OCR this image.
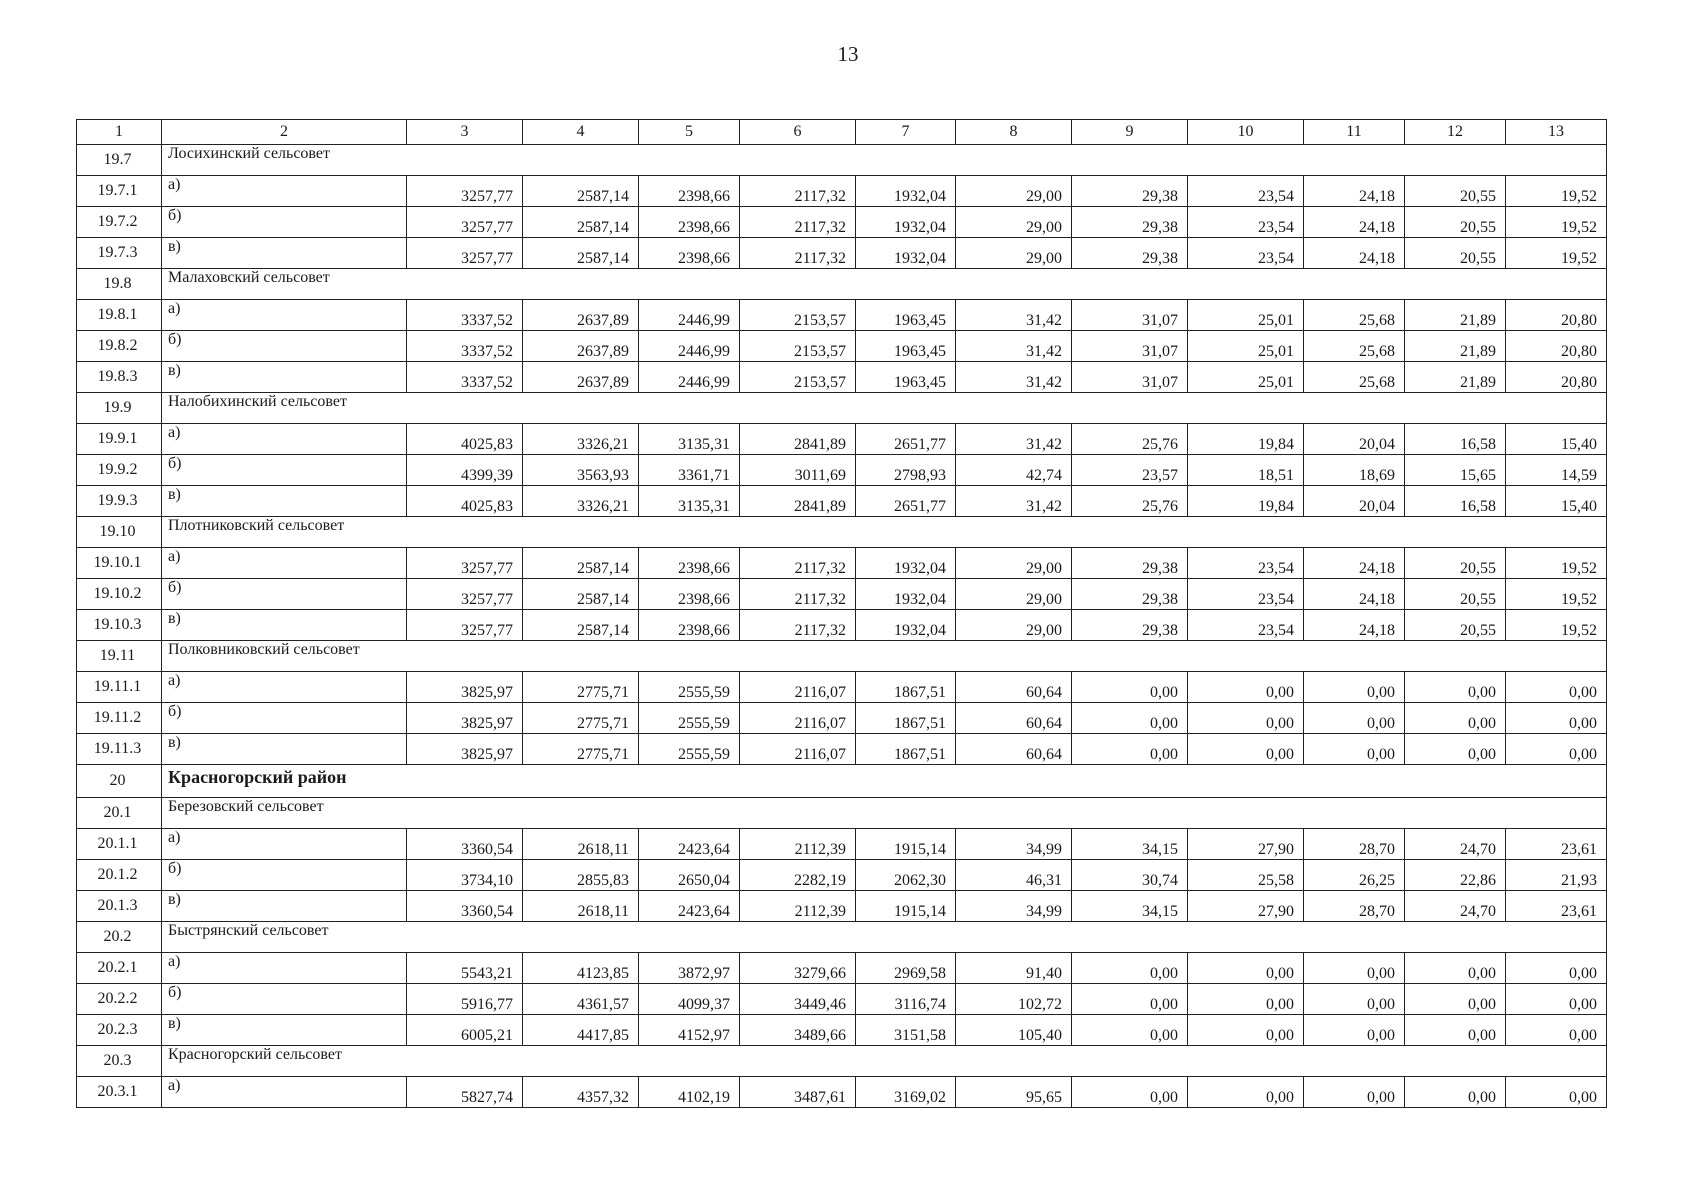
13
1	2	3	4	5	6	7	8	9	10	11	12	13
19.7	Лосихинский сельсовет											
19.7.1	а)	3257,77	2587,14	2398,66	2117,32	1932,04	29,00	29,38	23,54	24,18	20,55	19,52
19.7.2	б)	3257,77	2587,14	2398,66	2117,32	1932,04	29,00	29,38	23,54	24,18	20,55	19,52
19.7.3	в)	3257,77	2587,14	2398,66	2117,32	1932,04	29,00	29,38	23,54	24,18	20,55	19,52
19.8	Малаховский сельсовет											
19.8.1	а)	3337,52	2637,89	2446,99	2153,57	1963,45	31,42	31,07	25,01	25,68	21,89	20,80
19.8.2	б)	3337,52	2637,89	2446,99	2153,57	1963,45	31,42	31,07	25,01	25,68	21,89	20,80
19.8.3	в)	3337,52	2637,89	2446,99	2153,57	1963,45	31,42	31,07	25,01	25,68	21,89	20,80
19.9	Налобихинский сельсовет											
19.9.1	а)	4025,83	3326,21	3135,31	2841,89	2651,77	31,42	25,76	19,84	20,04	16,58	15,40
19.9.2	б)	4399,39	3563,93	3361,71	3011,69	2798,93	42,74	23,57	18,51	18,69	15,65	14,59
19.9.3	в)	4025,83	3326,21	3135,31	2841,89	2651,77	31,42	25,76	19,84	20,04	16,58	15,40
19.10	Плотниковский сельсовет											
19.10.1	а)	3257,77	2587,14	2398,66	2117,32	1932,04	29,00	29,38	23,54	24,18	20,55	19,52
19.10.2	б)	3257,77	2587,14	2398,66	2117,32	1932,04	29,00	29,38	23,54	24,18	20,55	19,52
19.10.3	в)	3257,77	2587,14	2398,66	2117,32	1932,04	29,00	29,38	23,54	24,18	20,55	19,52
19.11	Полковниковский сельсовет											
19.11.1	а)	3825,97	2775,71	2555,59	2116,07	1867,51	60,64	0,00	0,00	0,00	0,00	0,00
19.11.2	б)	3825,97	2775,71	2555,59	2116,07	1867,51	60,64	0,00	0,00	0,00	0,00	0,00
19.11.3	в)	3825,97	2775,71	2555,59	2116,07	1867,51	60,64	0,00	0,00	0,00	0,00	0,00
20	Красногорский район											
20.1	Березовский сельсовет											
20.1.1	а)	3360,54	2618,11	2423,64	2112,39	1915,14	34,99	34,15	27,90	28,70	24,70	23,61
20.1.2	б)	3734,10	2855,83	2650,04	2282,19	2062,30	46,31	30,74	25,58	26,25	22,86	21,93
20.1.3	в)	3360,54	2618,11	2423,64	2112,39	1915,14	34,99	34,15	27,90	28,70	24,70	23,61
20.2	Быстрянский сельсовет											
20.2.1	а)	5543,21	4123,85	3872,97	3279,66	2969,58	91,40	0,00	0,00	0,00	0,00	0,00
20.2.2	б)	5916,77	4361,57	4099,37	3449,46	3116,74	102,72	0,00	0,00	0,00	0,00	0,00
20.2.3	в)	6005,21	4417,85	4152,97	3489,66	3151,58	105,40	0,00	0,00	0,00	0,00	0,00
20.3	Красногорский сельсовет											
20.3.1	а)	5827,74	4357,32	4102,19	3487,61	3169,02	95,65	0,00	0,00	0,00	0,00	0,00
